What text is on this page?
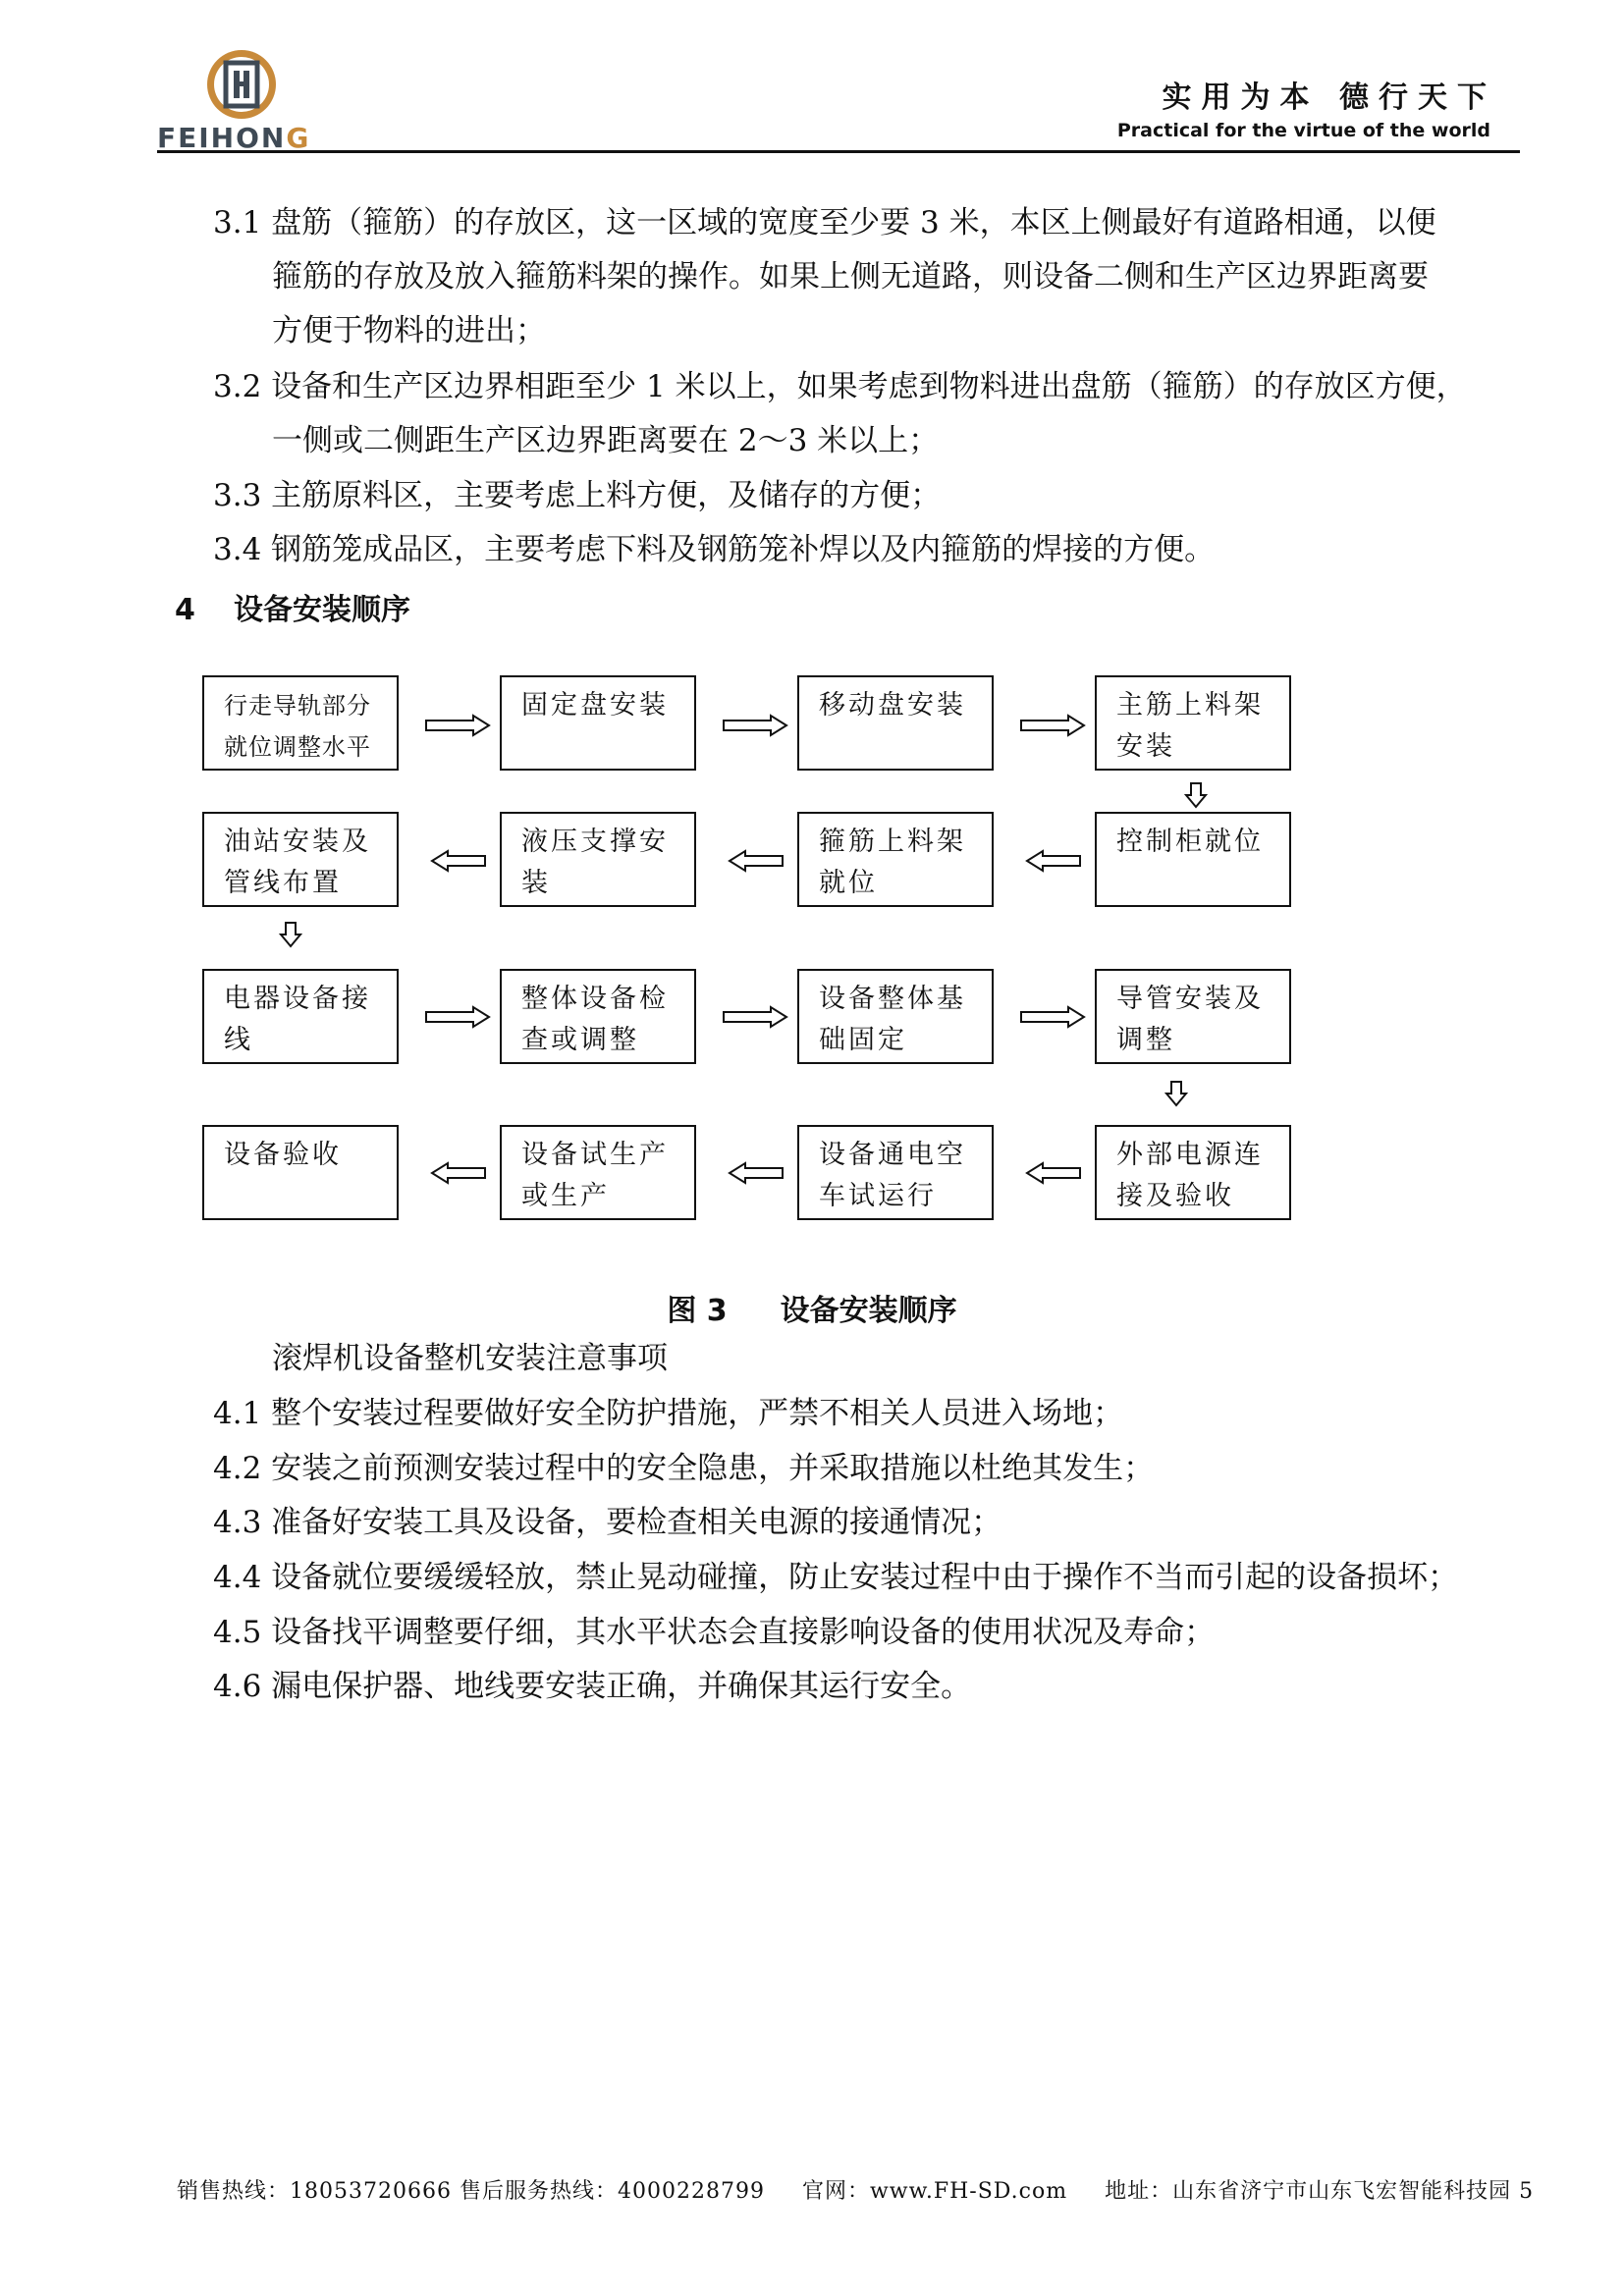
FEIHONG
实用为本 德行天下
Practical for the virtue of the world
3.1 盘筋（箍筋）的存放区，这一区域的宽度至少要 3 米，本区上侧最好有道路相通，以便
箍筋的存放及放入箍筋料架的操作。如果上侧无道路，则设备二侧和生产区边界距离要
方便于物料的进出；
3.2 设备和生产区边界相距至少 1 米以上，如果考虑到物料进出盘筋（箍筋）的存放区方便，
一侧或二侧距生产区边界距离要在 2～3 米以上；
3.3 主筋原料区，主要考虑上料方便，及储存的方便；
3.4 钢筋笼成品区，主要考虑下料及钢筋笼补焊以及内箍筋的焊接的方便。
4 设备安装顺序
行走导轨部分就位调整水平
固定盘安装	移动盘安装	主筋上料架安装
控制柜就位
箍筋上料架就位
液压支撑安装
油站安装及管线布置
电器设备接线
整体设备检查或调整
设备整体基础固定
导管安装及调整
外部电源连接及验收
设备通电空车试运行
设备试生产或生产
设备验收
图 3 设备安装顺序
滚焊机设备整机安装注意事项
4.1 整个安装过程要做好安全防护措施，严禁不相关人员进入场地；
4.2 安装之前预测安装过程中的安全隐患，并采取措施以杜绝其发生；
4.3 准备好安装工具及设备，要检查相关电源的接通情况；
4.4 设备就位要缓缓轻放，禁止晃动碰撞，防止安装过程中由于操作不当而引起的设备损坏；
4.5 设备找平调整要仔细，其水平状态会直接影响设备的使用状况及寿命；
4.6 漏电保护器、地线要安装正确，并确保其运行安全。
销售热线：18053720666 售后服务热线：4000228799 官网：www.FH-SD.com 地址：山东省济宁市山东飞宏智能科技园 5
